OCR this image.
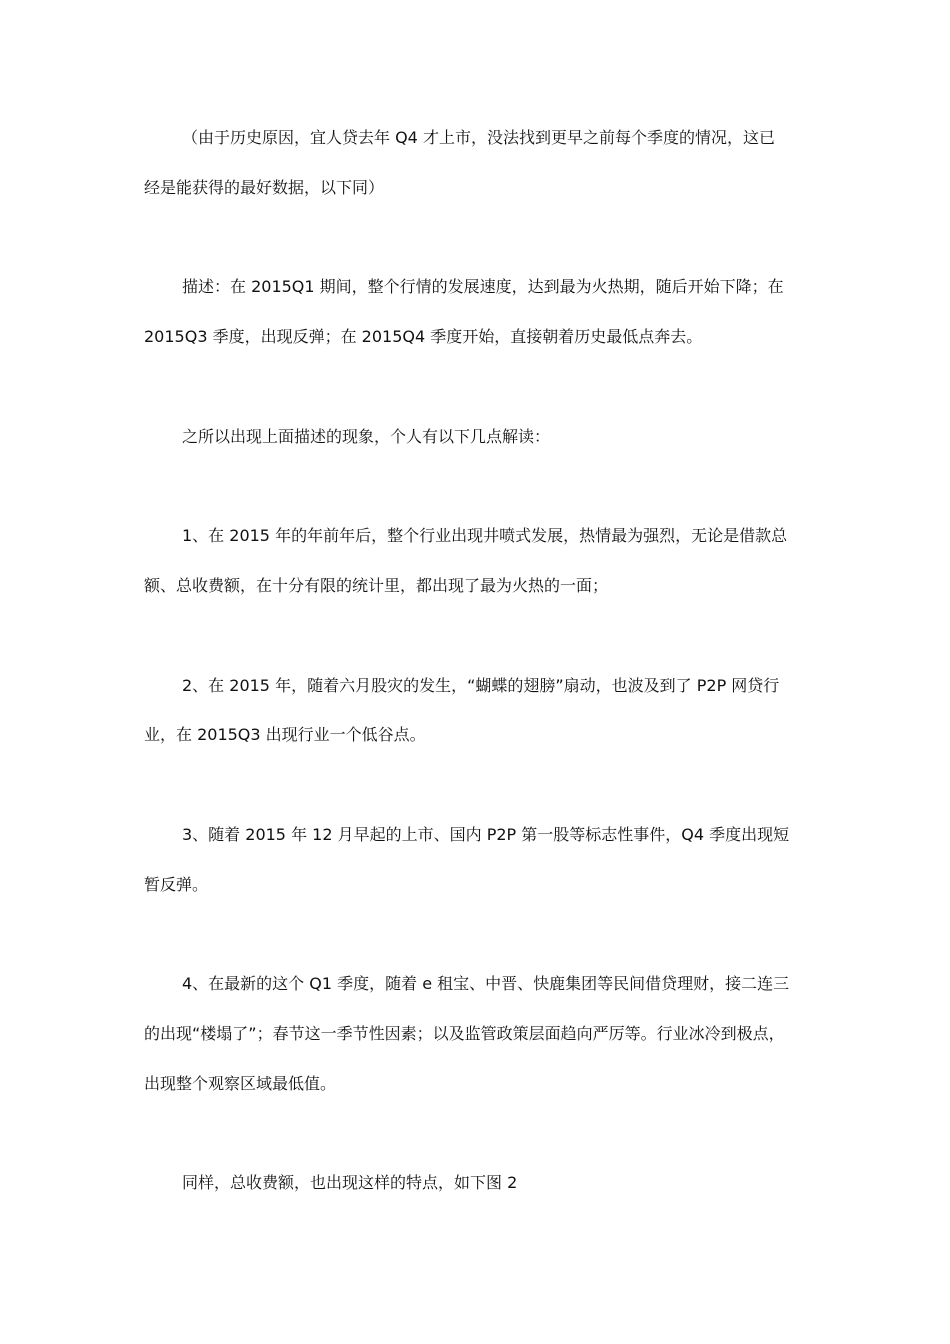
（由于历史原因，宜人贷去年 Q4 才上市，没法找到更早之前每个季度的情况，这已
经是能获得的最好数据，以下同）
描述：在 2015Q1 期间，整个行情的发展速度，达到最为火热期，随后开始下降；在
2015Q3 季度，出现反弹；在 2015Q4 季度开始，直接朝着历史最低点奔去。
之所以出现上面描述的现象，个人有以下几点解读：
1、在 2015 年的年前年后，整个行业出现井喷式发展，热情最为强烈，无论是借款总
额、总收费额，在十分有限的统计里，都出现了最为火热的一面；
2、在 2015 年，随着六月股灾的发生，“蝴蝶的翅膀”扇动，也波及到了 P2P 网贷行
业，在 2015Q3 出现行业一个低谷点。
3、随着 2015 年 12 月早起的上市、国内 P2P 第一股等标志性事件，Q4 季度出现短
暂反弹。
4、在最新的这个 Q1 季度，随着 e 租宝、中晋、快鹿集团等民间借贷理财，接二连三
的出现“楼塌了”；春节这一季节性因素；以及监管政策层面趋向严厉等。行业冰冷到极点，
出现整个观察区域最低值。
同样，总收费额，也出现这样的特点，如下图 2
